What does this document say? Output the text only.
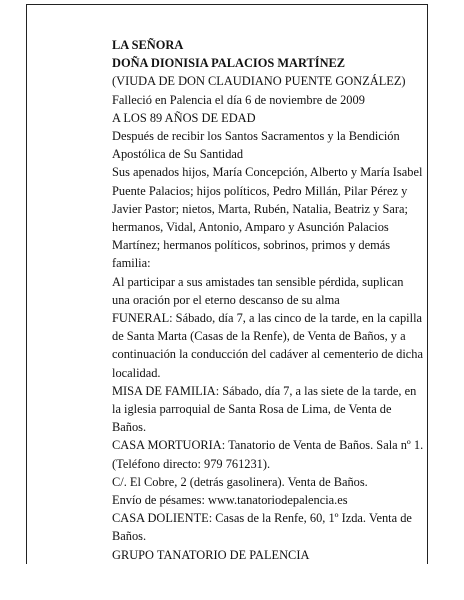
LA SEÑORA

DOÑA DIONISIA PALACIOS MARTÍNEZ

(VIUDA DE DON CLAUDIANO PUENTE GONZÁLEZ)

Falleció en Palencia el día 6 de noviembre de 2009

A LOS 89 AÑOS DE EDAD

Después de recibir los Santos Sacramentos y la Bendición Apostólica de Su Santidad

Sus apenados hijos, María Concepción, Alberto y María Isabel Puente Palacios; hijos políticos, Pedro Millán, Pilar Pérez y Javier Pastor; nietos, Marta, Rubén, Natalia, Beatriz y Sara; hermanos, Vidal, Antonio, Amparo y Asunción Palacios Martínez; hermanos políticos, sobrinos, primos y demás familia:

Al participar a sus amistades tan sensible pérdida, suplican una oración por el eterno descanso de su alma

FUNERAL: Sábado, día 7, a las cinco de la tarde, en la capilla de Santa Marta (Casas de la Renfe), de Venta de Baños, y a continuación la conducción del cadáver al cementerio de dicha localidad.

MISA DE FAMILIA: Sábado, día 7, a las siete de la tarde, en la iglesia parroquial de Santa Rosa de Lima, de Venta de Baños.

CASA MORTUORIA: Tanatorio de Venta de Baños. Sala nº 1. (Teléfono directo: 979 761231).

C/. El Cobre, 2 (detrás gasolinera). Venta de Baños.

Envío de pésames: www.tanatoriodepalencia.es

CASA DOLIENTE: Casas de la Renfe, 60, 1º Izda. Venta de Baños.

GRUPO TANATORIO DE PALENCIA
